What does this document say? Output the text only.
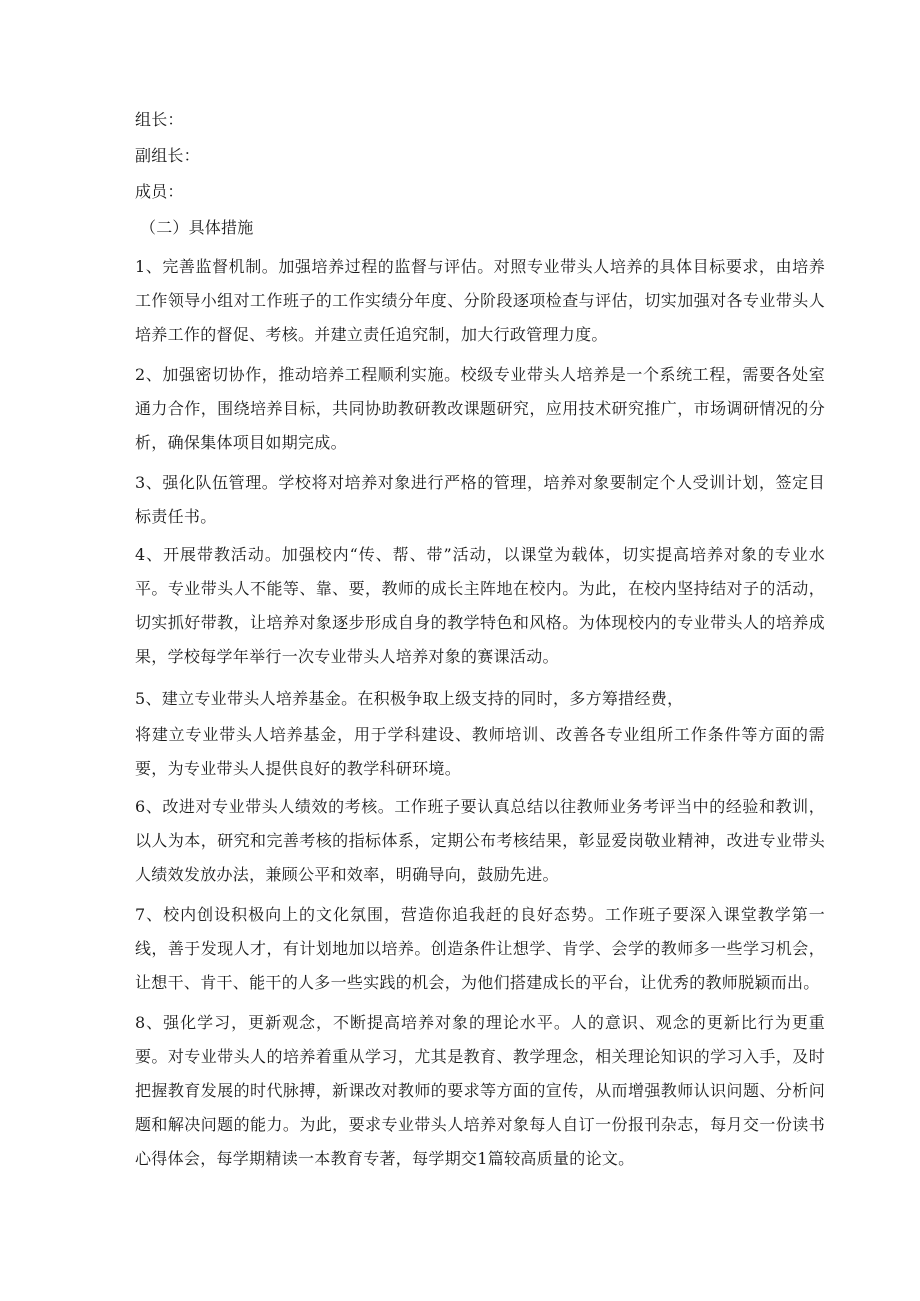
组长：
副组长：
成员：
（二）具体措施
1、完善监督机制。加强培养过程的监督与评估。对照专业带头人培养的具体目标要求，由培养工作领导小组对工作班子的工作实绩分年度、分阶段逐项检查与评估，切实加强对各专业带头人培养工作的督促、考核。并建立责任追究制，加大行政管理力度。
2、加强密切协作，推动培养工程顺利实施。校级专业带头人培养是一个系统工程，需要各处室通力合作，围绕培养目标，共同协助教研教改课题研究，应用技术研究推广，市场调研情况的分析，确保集体项目如期完成。
3、强化队伍管理。学校将对培养对象进行严格的管理，培养对象要制定个人受训计划，签定目标责任书。
4、开展带教活动。加强校内“传、帮、带”活动，以课堂为载体，切实提高培养对象的专业水平。专业带头人不能等、靠、要，教师的成长主阵地在校内。为此，在校内坚持结对子的活动，切实抓好带教，让培养对象逐步形成自身的教学特色和风格。为体现校内的专业带头人的培养成果，学校每学年举行一次专业带头人培养对象的赛课活动。
5、建立专业带头人培养基金。在积极争取上级支持的同时，多方筹措经费，
将建立专业带头人培养基金，用于学科建设、教师培训、改善各专业组所工作条件等方面的需要，为专业带头人提供良好的教学科研环境。
6、改进对专业带头人绩效的考核。工作班子要认真总结以往教师业务考评当中的经验和教训，以人为本，研究和完善考核的指标体系，定期公布考核结果，彰显爱岗敬业精神，改进专业带头人绩效发放办法，兼顾公平和效率，明确导向，鼓励先进。
7、校内创设积极向上的文化氛围，营造你追我赶的良好态势。工作班子要深入课堂教学第一线，善于发现人才，有计划地加以培养。创造条件让想学、肯学、会学的教师多一些学习机会，让想干、肯干、能干的人多一些实践的机会，为他们搭建成长的平台，让优秀的教师脱颖而出。
8、强化学习，更新观念，不断提高培养对象的理论水平。人的意识、观念的更新比行为更重要。对专业带头人的培养着重从学习，尤其是教育、教学理念，相关理论知识的学习入手，及时把握教育发展的时代脉搏，新课改对教师的要求等方面的宣传，从而增强教师认识问题、分析问题和解决问题的能力。为此，要求专业带头人培养对象每人自订一份报刊杂志，每月交一份读书心得体会，每学期精读一本教育专著，每学期交1篇较高质量的论文。
